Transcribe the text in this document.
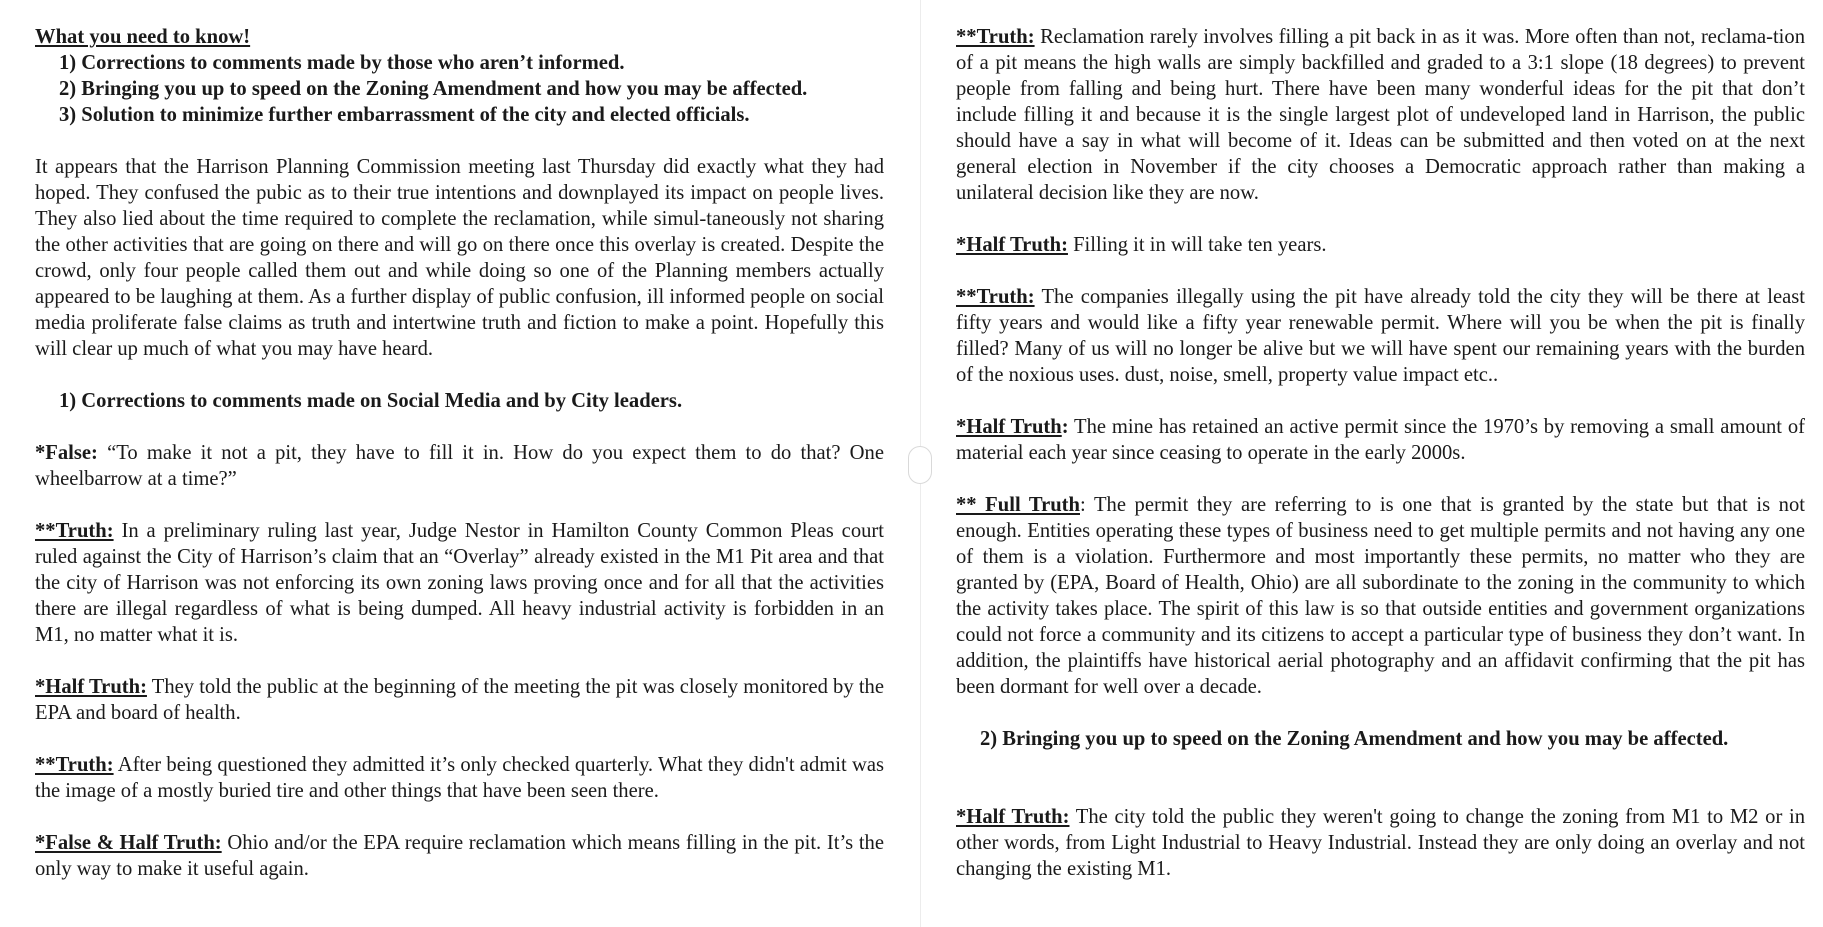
What you need to know!

1) Corrections to comments made by those who aren’t informed.

2) Bringing you up to speed on the Zoning Amendment and how you may be affected.

3) Solution to minimize further embarrassment of the city and elected officials.

It appears that the Harrison Planning Commission meeting last Thursday did exactly what they had hoped. They confused the pubic as to their true intentions and downplayed its impact on people lives. They also lied about the time required to complete the reclamation, while simul-taneously not sharing the other activities that are going on there and will go on there once this overlay is created. Despite the crowd, only four people called them out and while doing so one of the Planning members actually appeared to be laughing at them. As a further display of public confusion, ill informed people on social media proliferate false claims as truth and intertwine truth and fiction to make a point. Hopefully this will clear up much of what you may have heard.

1) Corrections to comments made on Social Media and by City leaders.

*False: “To make it not a pit, they have to fill it in. How do you expect them to do that? One wheelbarrow at a time?”

**Truth: In a preliminary ruling last year, Judge Nestor in Hamilton County Common Pleas court ruled against the City of Harrison’s claim that an “Overlay” already existed in the M1 Pit area and that the city of Harrison was not enforcing its own zoning laws proving once and for all that the activities there are illegal regardless of what is being dumped. All heavy industrial activity is forbidden in an M1, no matter what it is.

*Half Truth: They told the public at the beginning of the meeting the pit was closely monitored by the EPA and board of health.

**Truth: After being questioned they admitted it’s only checked quarterly. What they didn't admit was the image of a mostly buried tire and other things that have been seen there.

*False & Half Truth: Ohio and/or the EPA require reclamation which means filling in the pit. It’s the only way to make it useful again.

**Truth: Reclamation rarely involves filling a pit back in as it was. More often than not, reclama-tion of a pit means the high walls are simply backfilled and graded to a 3:1 slope (18 degrees) to prevent people from falling and being hurt. There have been many wonderful ideas for the pit that don’t include filling it and because it is the single largest plot of undeveloped land in Harrison, the public should have a say in what will become of it. Ideas can be submitted and then voted on at the next general election in November if the city chooses a Democratic approach rather than making a unilateral decision like they are now.

*Half Truth: Filling it in will take ten years.

**Truth: The companies illegally using the pit have already told the city they will be there at least fifty years and would like a fifty year renewable permit. Where will you be when the pit is finally filled? Many of us will no longer be alive but we will have spent our remaining years with the burden of the noxious uses. dust, noise, smell, property value impact etc..

*Half Truth: The mine has retained an active permit since the 1970’s by removing a small amount of material each year since ceasing to operate in the early 2000s.

** Full Truth: The permit they are referring to is one that is granted by the state but that is not enough. Entities operating these types of business need to get multiple permits and not having any one of them is a violation. Furthermore and most importantly these permits, no matter who they are granted by (EPA, Board of Health, Ohio) are all subordinate to the zoning in the community to which the activity takes place. The spirit of this law is so that outside entities and government organizations could not force a community and its citizens to accept a particular type of business they don’t want. In addition, the plaintiffs have historical aerial photography and an affidavit confirming that the pit has been dormant for well over a decade.

2) Bringing you up to speed on the Zoning Amendment and how you may be affected.

*Half Truth: The city told the public they weren't going to change the zoning from M1 to M2 or in other words, from Light Industrial to Heavy Industrial. Instead they are only doing an overlay and not changing the existing M1.
